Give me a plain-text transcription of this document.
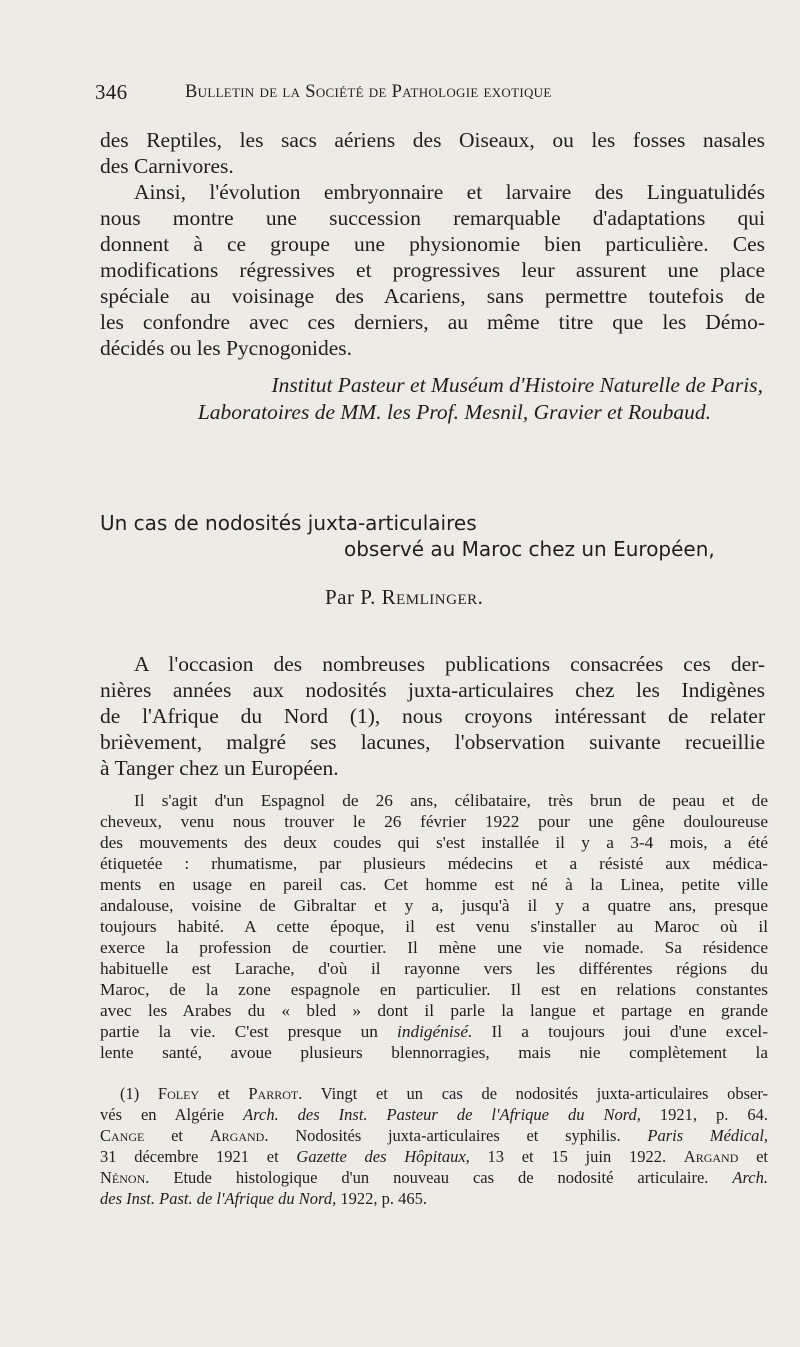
346	Bulletin de la Société de Pathologie exotique
des Reptiles, les sacs aériens des Oiseaux, ou les fosses nasales
des Carnivores.
Ainsi, l'évolution embryonnaire et larvaire des Linguatulidés
nous montre une succession remarquable d'adaptations qui
donnent à ce groupe une physionomie bien particulière. Ces
modifications régressives et progressives leur assurent une place
spéciale au voisinage des Acariens, sans permettre toutefois de
les confondre avec ces derniers, au même titre que les Démo-
décidés ou les Pycnogonides.
Institut Pasteur et Muséum d'Histoire Naturelle de Paris,
Laboratoires de MM. les Prof. Mesnil, Gravier et Roubaud.
Un cas de nodosités juxta-articulaires
observé au Maroc chez un Européen,
Par P. Remlinger.
A l'occasion des nombreuses publications consacrées ces der-
nières années aux nodosités juxta-articulaires chez les Indigènes
de l'Afrique du Nord (1), nous croyons intéressant de relater
brièvement, malgré ses lacunes, l'observation suivante recueillie
à Tanger chez un Européen.
Il s'agit d'un Espagnol de 26 ans, célibataire, très brun de peau et de
cheveux, venu nous trouver le 26 février 1922 pour une gêne douloureuse
des mouvements des deux coudes qui s'est installée il y a 3-4 mois, a été
étiquetée : rhumatisme, par plusieurs médecins et a résisté aux médica-
ments en usage en pareil cas. Cet homme est né à la Linea, petite ville
andalouse, voisine de Gibraltar et y a, jusqu'à il y a quatre ans, presque
toujours habité. A cette époque, il est venu s'installer au Maroc où il
exerce la profession de courtier. Il mène une vie nomade. Sa résidence
habituelle est Larache, d'où il rayonne vers les différentes régions du
Maroc, de la zone espagnole en particulier. Il est en relations constantes
avec les Arabes du « bled » dont il parle la langue et partage en grande
partie la vie. C'est presque un indigénisé. Il a toujours joui d'une excel-
lente santé, avoue plusieurs blennorragies, mais nie complètement la
(1) Foley et Parrot. Vingt et un cas de nodosités juxta-articulaires obser-
vés en Algérie Arch. des Inst. Pasteur de l'Afrique du Nord, 1921, p. 64.
Cange et Argand. Nodosités juxta-articulaires et syphilis. Paris Médical,
31 décembre 1921 et Gazette des Hôpitaux, 13 et 15 juin 1922. Argand et
Nénon. Etude histologique d'un nouveau cas de nodosité articulaire. Arch.
des Inst. Past. de l'Afrique du Nord, 1922, p. 465.
